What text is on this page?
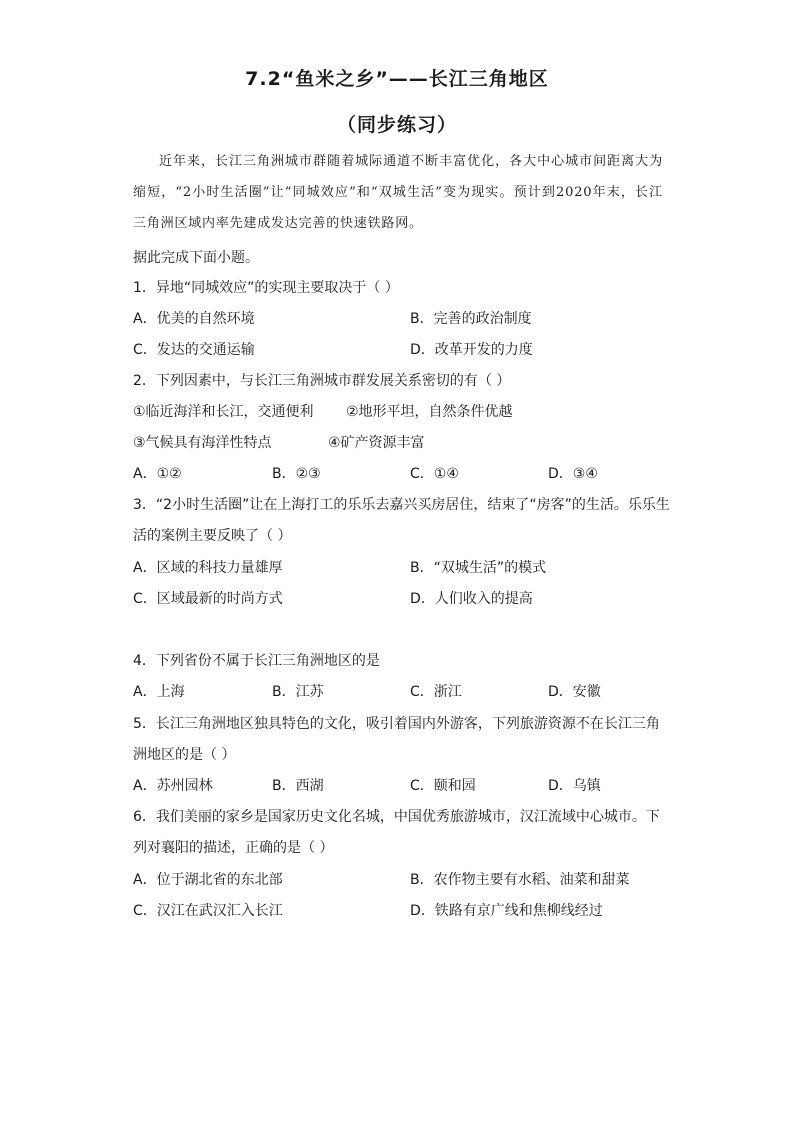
7.2“鱼米之乡”——长江三角地区
（同步练习）
近年来，长江三角洲城市群随着城际通道不断丰富优化，各大中心城市间距离大为缩短，“2小时生活圈”让“同城效应”和“双城生活”变为现实。预计到2020年末，长江三角洲区域内率先建成发达完善的快速铁路网。
据此完成下面小题。
1．异地“同城效应”的实现主要取决于（ ）
A．优美的自然环境	B．完善的政治制度
C．发达的交通运输	D．改革开发的力度
2．下列因素中，与长江三角洲城市群发展关系密切的有（ ）
①临近海洋和长江，交通便利 ②地形平坦，自然条件优越
③气候具有海洋性特点	④矿产资源丰富
A．①②	B．②③	C．①④	D．③④
3．“2小时生活圈”让在上海打工的乐乐去嘉兴买房居住，结束了“房客”的生活。乐乐生
活的案例主要反映了（ ）
A．区域的科技力量雄厚	B．“双城生活”的模式
C．区域最新的时尚方式	D．人们收入的提高
4．下列省份不属于长江三角洲地区的是
A．上海	B．江苏	C．浙江	D．安徽
5．长江三角洲地区独具特色的文化，吸引着国内外游客，下列旅游资源不在长江三角
洲地区的是（ ）
A．苏州园林	B．西湖	C．颐和园	D．乌镇
6．我们美丽的家乡是国家历史文化名城，中国优秀旅游城市，汉江流域中心城市。下
列对襄阳的描述，正确的是（ ）
A．位于湖北省的东北部	B．农作物主要有水稻、油菜和甜菜
C．汉江在武汉汇入长江	D．铁路有京广线和焦柳线经过
